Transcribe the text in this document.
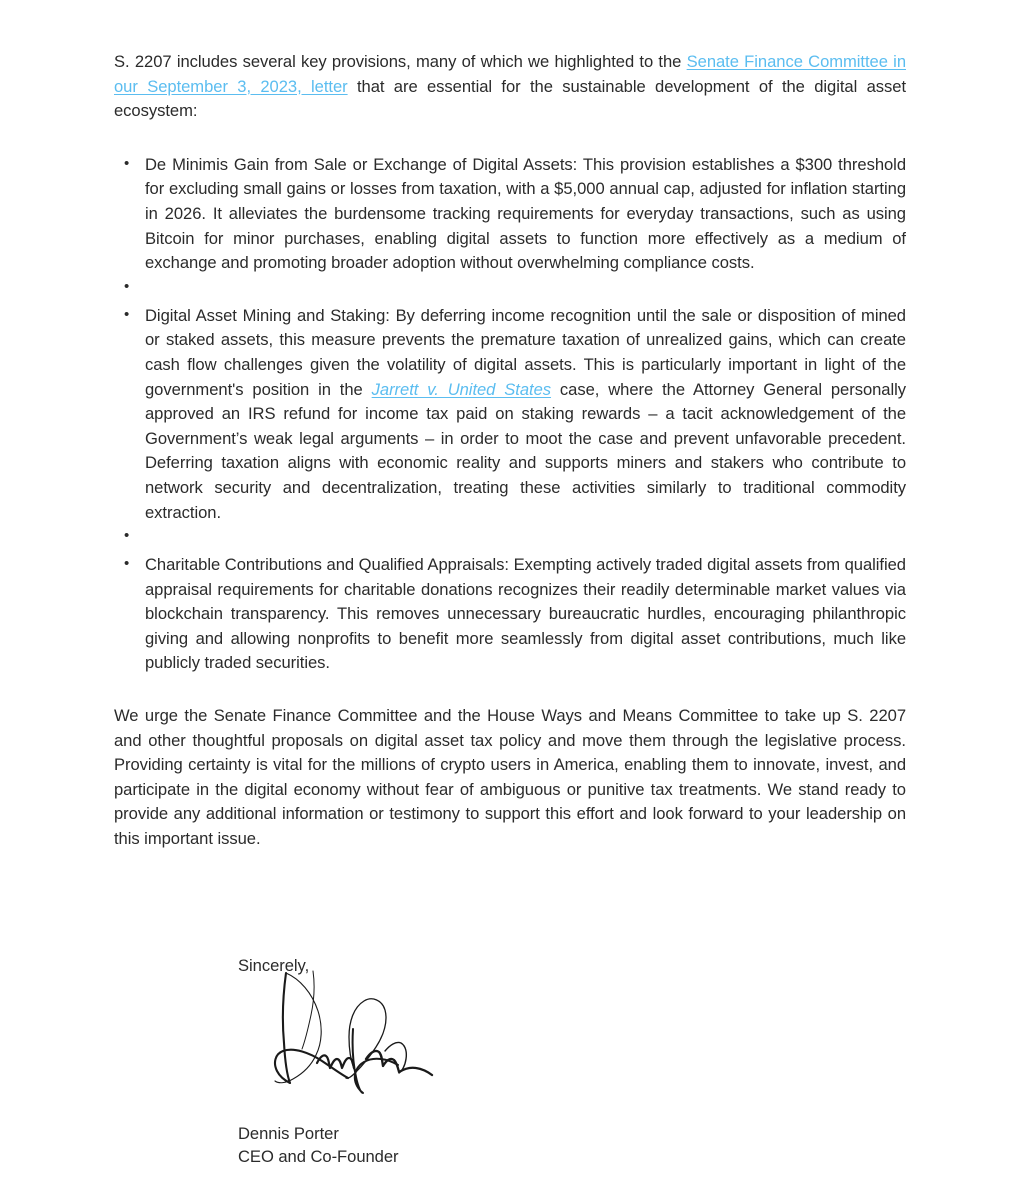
S. 2207 includes several key provisions, many of which we highlighted to the Senate Finance Committee in our September 3, 2023, letter that are essential for the sustainable development of the digital asset ecosystem:

• De Minimis Gain from Sale or Exchange of Digital Assets: This provision establishes a $300 threshold for excluding small gains or losses from taxation, with a $5,000 annual cap, adjusted for inflation starting in 2026. It alleviates the burdensome tracking requirements for everyday transactions, such as using Bitcoin for minor purchases, enabling digital assets to function more effectively as a medium of exchange and promoting broader adoption without overwhelming compliance costs.
•
• Digital Asset Mining and Staking: By deferring income recognition until the sale or disposition of mined or staked assets, this measure prevents the premature taxation of unrealized gains, which can create cash flow challenges given the volatility of digital assets. This is particularly important in light of the government's position in the Jarrett v. United States case, where the Attorney General personally approved an IRS refund for income tax paid on staking rewards – a tacit acknowledgement of the Government’s weak legal arguments – in order to moot the case and prevent unfavorable precedent. Deferring taxation aligns with economic reality and supports miners and stakers who contribute to network security and decentralization, treating these activities similarly to traditional commodity extraction.
•
• Charitable Contributions and Qualified Appraisals: Exempting actively traded digital assets from qualified appraisal requirements for charitable donations recognizes their readily determinable market values via blockchain transparency. This removes unnecessary bureaucratic hurdles, encouraging philanthropic giving and allowing nonprofits to benefit more seamlessly from digital asset contributions, much like publicly traded securities.

We urge the Senate Finance Committee and the House Ways and Means Committee to take up S. 2207 and other thoughtful proposals on digital asset tax policy and move them through the legislative process. Providing certainty is vital for the millions of crypto users in America, enabling them to innovate, invest, and participate in the digital economy without fear of ambiguous or punitive tax treatments. We stand ready to provide any additional information or testimony to support this effort and look forward to your leadership on this important issue.

Sincerely,

Dennis Porter
CEO and Co-Founder
